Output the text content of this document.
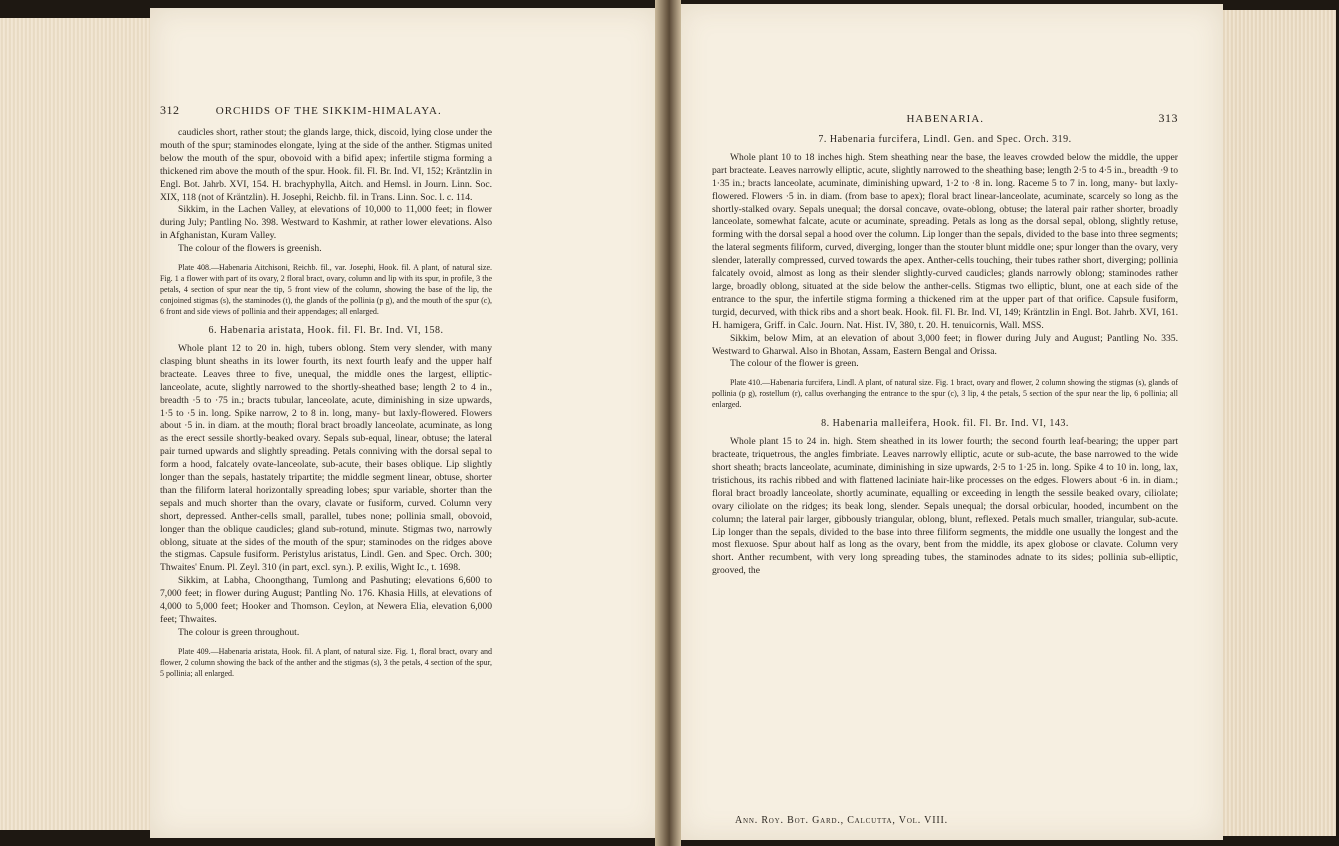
312	ORCHIDS OF THE SIKKIM-HIMALAYA.
HABENARIA.	313

caudicles short, rather stout; the glands large, thick, discoid, lying close under the mouth of the spur; staminodes elongate, lying at the side of the anther. Stigmas united below the mouth of the spur, obovoid with a bifid apex; infertile stigma forming a thickened rim above the mouth of the spur. Hook. fil. Fl. Br. Ind. VI, 152; Kräntzlin in Engl. Bot. Jahrb. XVI, 154. H. brachyphylla, Aitch. and Hemsl. in Journ. Linn. Soc. XIX, 118 (not of Kräntzlin). H. Josephi, Reichb. fil. in Trans. Linn. Soc. l. c. 114.

Sikkim, in the Lachen Valley, at elevations of 10,000 to 11,000 feet; in flower during July; Pantling No. 398. Westward to Kashmir, at rather lower elevations. Also in Afghanistan, Kuram Valley.

The colour of the flowers is greenish.

Plate 408.—Habenaria Aitchisoni, Reichb. fil., var. Josephi, Hook. fil. A plant, of natural size. Fig. 1 a flower with part of its ovary, 2 floral bract, ovary, column and lip with its spur, in profile, 3 the petals, 4 section of spur near the tip, 5 front view of the column, showing the base of the lip, the conjoined stigmas (s), the staminodes (t), the glands of the pollinia (p g), and the mouth of the spur (c), 6 front and side views of pollinia and their appendages; all enlarged.
6. Habenaria aristata, Hook. fil. Fl. Br. Ind. VI, 158.

Whole plant 12 to 20 in. high, tubers oblong. Stem very slender, with many clasping blunt sheaths in its lower fourth, its next fourth leafy and the upper half bracteate. Leaves three to five, unequal, the middle ones the largest, elliptic-lanceolate, acute, slightly narrowed to the shortly-sheathed base; length 2 to 4 in., breadth ·5 to ·75 in.; bracts tubular, lanceolate, acute, diminishing in size upwards, 1·5 to ·5 in. long. Spike narrow, 2 to 8 in. long, many- but laxly-flowered. Flowers about ·5 in. in diam. at the mouth; floral bract broadly lanceolate, acuminate, as long as the erect sessile shortly-beaked ovary. Sepals sub-equal, linear, obtuse; the lateral pair turned upwards and slightly spreading. Petals conniving with the dorsal sepal to form a hood, falcately ovate-lanceolate, sub-acute, their bases oblique. Lip slightly longer than the sepals, hastately tripartite; the middle segment linear, obtuse, shorter than the filiform lateral horizontally spreading lobes; spur variable, shorter than the sepals and much shorter than the ovary, clavate or fusiform, curved. Column very short, depressed. Anther-cells small, parallel, tubes none; pollinia small, obovoid, longer than the oblique caudicles; gland sub-rotund, minute. Stigmas two, narrowly oblong, situate at the sides of the mouth of the spur; staminodes on the ridges above the stigmas. Capsule fusiform. Peristylus aristatus, Lindl. Gen. and Spec. Orch. 300; Thwaites' Enum. Pl. Zeyl. 310 (in part, excl. syn.). P. exilis, Wight Ic., t. 1698.

Sikkim, at Labha, Choongthang, Tumlong and Pashuting; elevations 6,600 to 7,000 feet; in flower during August; Pantling No. 176. Khasia Hills, at elevations of 4,000 to 5,000 feet; Hooker and Thomson. Ceylon, at Newera Elia, elevation 6,000 feet; Thwaites.

The colour is green throughout.

Plate 409.—Habenaria aristata, Hook. fil. A plant, of natural size. Fig. 1, floral bract, ovary and flower, 2 column showing the back of the anther and the stigmas (s), 3 the petals, 4 section of the spur, 5 pollinia; all enlarged.
7. Habenaria furcifera, Lindl. Gen. and Spec. Orch. 319.

Whole plant 10 to 18 inches high. Stem sheathing near the base, the leaves crowded below the middle, the upper part bracteate. Leaves narrowly elliptic, acute, slightly narrowed to the sheathing base; length 2·5 to 4·5 in., breadth ·9 to 1·35 in.; bracts lanceolate, acuminate, diminishing upward, 1·2 to ·8 in. long. Raceme 5 to 7 in. long, many- but laxly-flowered. Flowers ·5 in. in diam. (from base to apex); floral bract linear-lanceolate, acuminate, scarcely so long as the shortly-stalked ovary. Sepals unequal; the dorsal concave, ovate-oblong, obtuse; the lateral pair rather shorter, broadly lanceolate, somewhat falcate, acute or acuminate, spreading. Petals as long as the dorsal sepal, oblong, slightly retuse, forming with the dorsal sepal a hood over the column. Lip longer than the sepals, divided to the base into three segments; the lateral segments filiform, curved, diverging, longer than the stouter blunt middle one; spur longer than the ovary, very slender, laterally compressed, curved towards the apex. Anther-cells touching, their tubes rather short, diverging; pollinia falcately ovoid, almost as long as their slender slightly-curved caudicles; glands narrowly oblong; staminodes rather large, broadly oblong, situated at the side below the anther-cells. Stigmas two elliptic, blunt, one at each side of the entrance to the spur, the infertile stigma forming a thickened rim at the upper part of that orifice. Capsule fusiform, turgid, decurved, with thick ribs and a short beak. Hook. fil. Fl. Br. Ind. VI, 149; Kräntzlin in Engl. Bot. Jahrb. XVI, 161. H. hamigera, Griff. in Calc. Journ. Nat. Hist. IV, 380, t. 20. H. tenuicornis, Wall. MSS.

Sikkim, below Mim, at an elevation of about 3,000 feet; in flower during July and August; Pantling No. 335. Westward to Gharwal. Also in Bhotan, Assam, Eastern Bengal and Orissa.

The colour of the flower is green.

Plate 410.—Habenaria furcifera, Lindl. A plant, of natural size. Fig. 1 bract, ovary and flower, 2 column showing the stigmas (s), glands of pollinia (p g), rostellum (r), callus overhanging the entrance to the spur (c), 3 lip, 4 the petals, 5 section of the spur near the lip, 6 pollinia; all enlarged.
8. Habenaria malleifera, Hook. fil. Fl. Br. Ind. VI, 143.

Whole plant 15 to 24 in. high. Stem sheathed in its lower fourth; the second fourth leaf-bearing; the upper part bracteate, triquetrous, the angles fimbriate. Leaves narrowly elliptic, acute or sub-acute, the base narrowed to the wide short sheath; bracts lanceolate, acuminate, diminishing in size upwards, 2·5 to 1·25 in. long. Spike 4 to 10 in. long, lax, tristichous, its rachis ribbed and with flattened laciniate hair-like processes on the edges. Flowers about ·6 in. in diam.; floral bract broadly lanceolate, shortly acuminate, equalling or exceeding in length the sessile beaked ovary, ciliolate; ovary ciliolate on the ridges; its beak long, slender. Sepals unequal; the dorsal orbicular, hooded, incumbent on the column; the lateral pair larger, gibbously triangular, oblong, blunt, reflexed. Petals much smaller, triangular, sub-acute. Lip longer than the sepals, divided to the base into three filiform segments, the middle one usually the longest and the most flexuose. Spur about half as long as the ovary, bent from the middle, its apex globose or clavate. Column very short. Anther recumbent, with very long spreading tubes, the staminodes adnate to its sides; pollinia sub-elliptic, grooved, the

Ann. Roy. Bot. Gard., Calcutta, Vol. VIII.
